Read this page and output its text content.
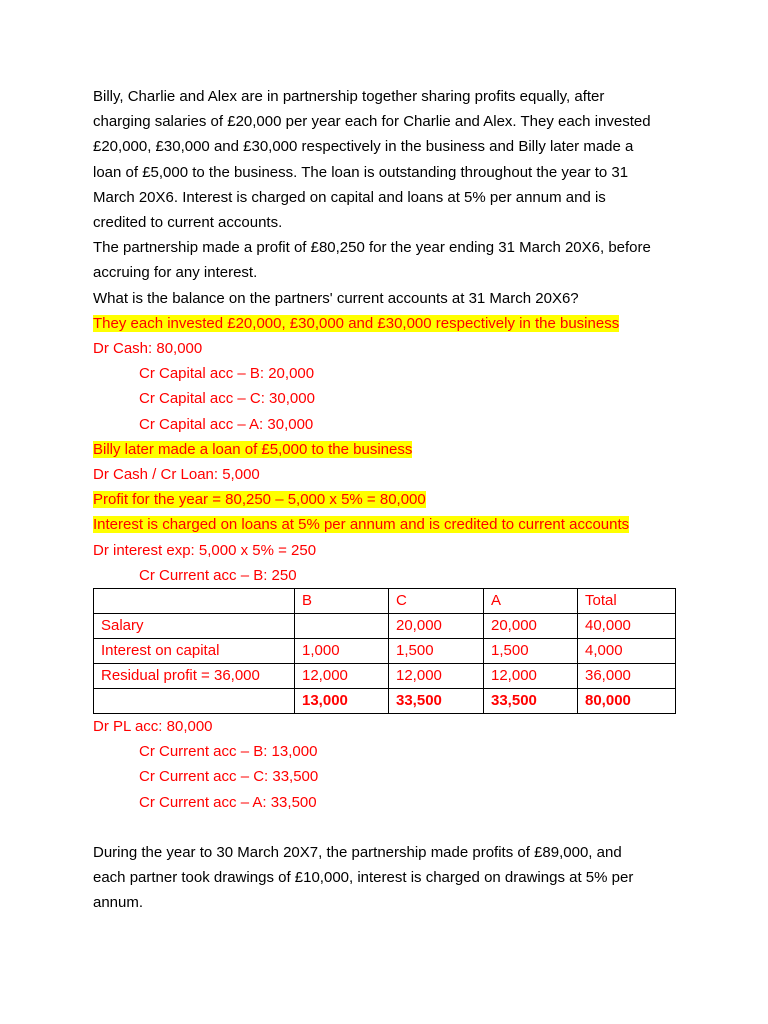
Billy, Charlie and Alex are in partnership together sharing profits equally, after
charging salaries of £20,000 per year each for Charlie and Alex. They each invested
£20,000, £30,000 and £30,000 respectively in the business and Billy later made a
loan of £5,000 to the business. The loan is outstanding throughout the year to 31
March 20X6. Interest is charged on capital and loans at 5% per annum and is
credited to current accounts.
The partnership made a profit of £80,250 for the year ending 31 March 20X6, before
accruing for any interest.
What is the balance on the partners' current accounts at 31 March 20X6?
They each invested £20,000, £30,000 and £30,000 respectively in the business
Dr Cash: 80,000
Cr Capital acc – B: 20,000
Cr Capital acc – C: 30,000
Cr Capital acc – A: 30,000
Billy later made a loan of £5,000 to the business
Dr Cash / Cr Loan: 5,000
Profit for the year = 80,250 – 5,000 x 5% = 80,000
Interest is charged on loans at 5% per annum and is credited to current accounts
Dr interest exp: 5,000 x 5% = 250
Cr Current acc – B: 250
	B	C	A	Total
Salary		20,000	20,000	40,000
Interest on capital	1,000	1,500	1,500	4,000
Residual profit = 36,000	12,000	12,000	12,000	36,000
	13,000	33,500	33,500	80,000
Dr PL acc: 80,000
Cr Current acc – B: 13,000
Cr Current acc – C: 33,500
Cr Current acc – A: 33,500
During the year to 30 March 20X7, the partnership made profits of £89,000, and
each partner took drawings of £10,000, interest is charged on drawings at 5% per
annum.
